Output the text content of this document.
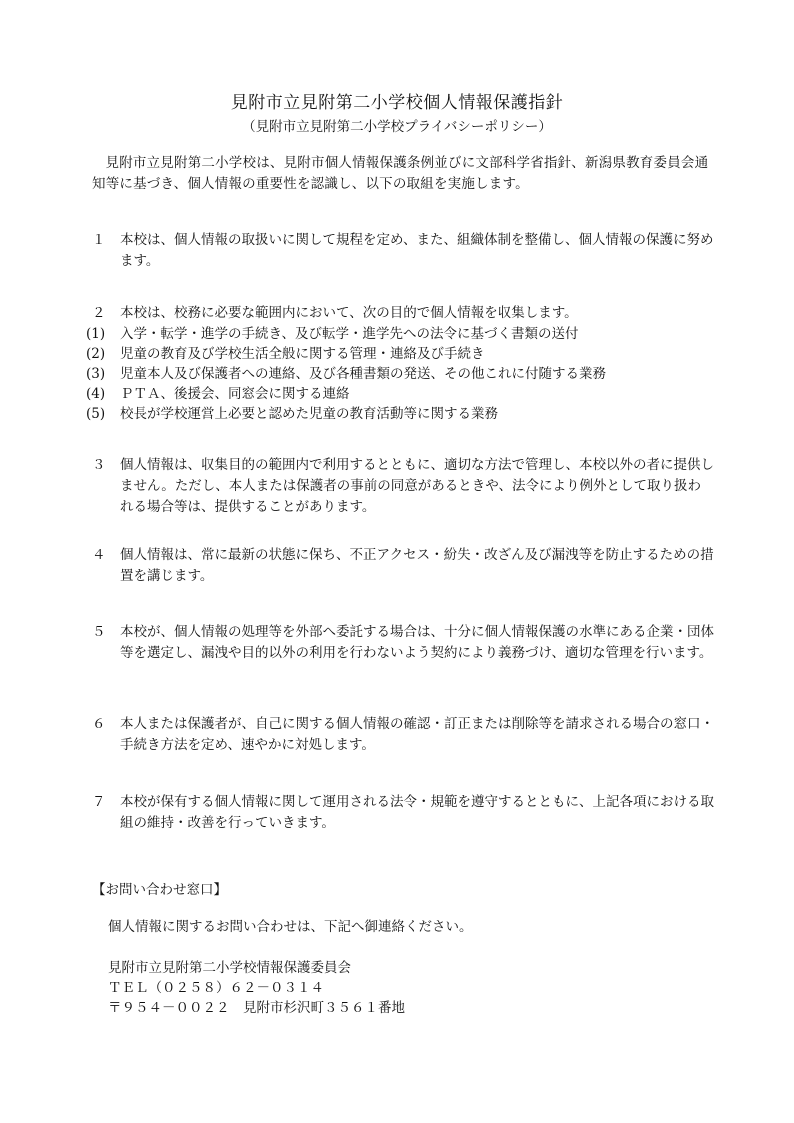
見附市立見附第二小学校個人情報保護指針
（見附市立見附第二小学校プライバシーポリシー）
見附市立見附第二小学校は、見附市個人情報保護条例並びに文部科学省指針、新潟県教育委員会通知等に基づき、個人情報の重要性を認識し、以下の取組を実施します。
１	本校は、個人情報の取扱いに関して規程を定め、また、組織体制を整備し、個人情報の保護に努めます。
２	本校は、校務に必要な範囲内において、次の目的で個人情報を収集します。
(1)	入学・転学・進学の手続き、及び転学・進学先への法令に基づく書類の送付
(2)	児童の教育及び学校生活全般に関する管理・連絡及び手続き
(3)	児童本人及び保護者への連絡、及び各種書類の発送、その他これに付随する業務
(4)	ＰＴＡ、後援会、同窓会に関する連絡
(5)	校長が学校運営上必要と認めた児童の教育活動等に関する業務
３	個人情報は、収集目的の範囲内で利用するとともに、適切な方法で管理し、本校以外の者に提供しません。ただし、本人または保護者の事前の同意があるときや、法令により例外として取り扱われる場合等は、提供することがあります。
４	個人情報は、常に最新の状態に保ち、不正アクセス・紛失・改ざん及び漏洩等を防止するための措置を講じます。
５	本校が、個人情報の処理等を外部へ委託する場合は、十分に個人情報保護の水準にある企業・団体等を選定し、漏洩や目的以外の利用を行わないよう契約により義務づけ、適切な管理を行います。
６	本人または保護者が、自己に関する個人情報の確認・訂正または削除等を請求される場合の窓口・手続き方法を定め、速やかに対処します。
７	本校が保有する個人情報に関して運用される法令・規範を遵守するとともに、上記各項における取組の維持・改善を行っていきます。
【お問い合わせ窓口】
個人情報に関するお問い合わせは、下記へ御連絡ください。
見附市立見附第二小学校情報保護委員会
ＴＥＬ（０２５８）６２－０３１４
〒９５４－００２２　見附市杉沢町３５６１番地
